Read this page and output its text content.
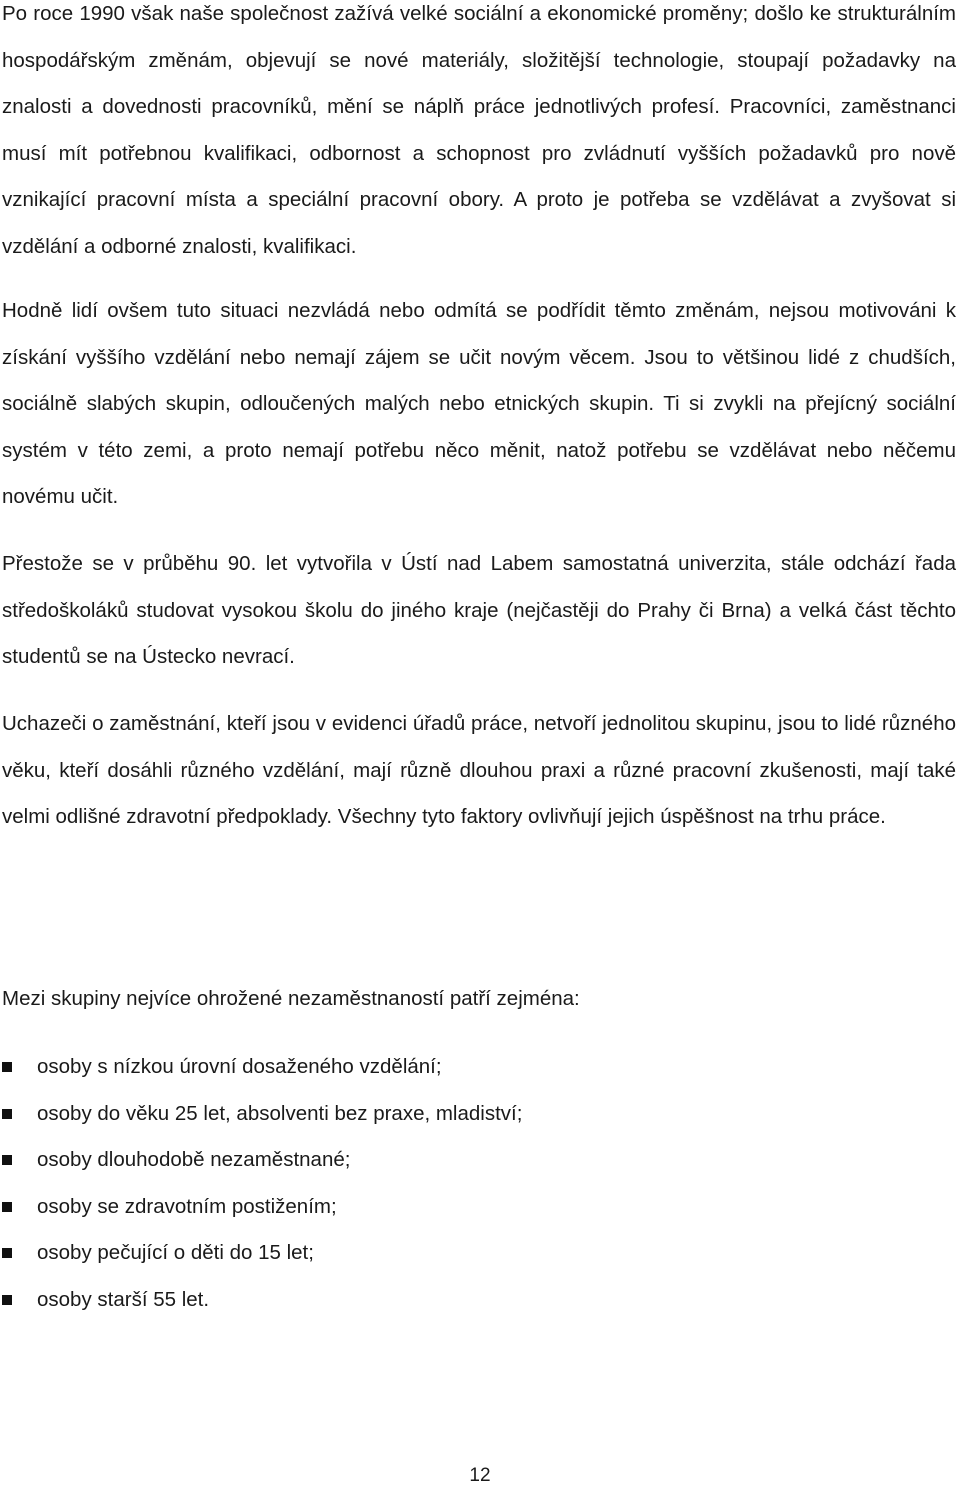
Po roce 1990 však naše společnost zažívá velké sociální a ekonomické proměny; došlo ke strukturálním hospodářským změnám, objevují se nové materiály, složitější technologie, stoupají požadavky na znalosti a dovednosti pracovníků, mění se náplň práce jednotlivých profesí. Pracovníci, zaměstnanci musí mít potřebnou kvalifikaci, odbornost a schopnost pro zvládnutí vyšších požadavků pro nově vznikající pracovní místa a speciální pracovní obory. A proto je potřeba se vzdělávat a zvyšovat si vzdělání a odborné znalosti, kvalifikaci.

Hodně lidí ovšem tuto situaci nezvládá nebo odmítá se podřídit těmto změnám, nejsou motivováni k získání vyššího vzdělání nebo nemají zájem se učit novým věcem. Jsou to většinou lidé z chudších, sociálně slabých skupin, odloučených malých nebo etnických skupin. Ti si zvykli na přejícný sociální systém v této zemi, a proto nemají potřebu něco měnit, natož potřebu se vzdělávat nebo něčemu novému učit.

Přestože se v průběhu 90. let vytvořila v Ústí nad Labem samostatná univerzita, stále odchází řada středoškoláků studovat vysokou školu do jiného kraje (nejčastěji do Prahy či Brna) a velká část těchto studentů se na Ústecko nevrací.

Uchazeči o zaměstnání, kteří jsou v evidenci úřadů práce, netvoří jednolitou skupinu, jsou to lidé různého věku, kteří dosáhli různého vzdělání, mají různě dlouhou praxi a různé pracovní zkušenosti, mají také velmi odlišné zdravotní předpoklady. Všechny tyto faktory ovlivňují jejich úspěšnost na trhu práce.

Mezi skupiny nejvíce ohrožené nezaměstnaností patří zejména:

osoby s nízkou úrovní dosaženého vzdělání;
osoby do věku 25 let, absolventi bez praxe, mladiství;
osoby dlouhodobě nezaměstnané;
osoby se zdravotním postižením;
osoby pečující o děti do 15 let;
osoby starší 55 let.
12
